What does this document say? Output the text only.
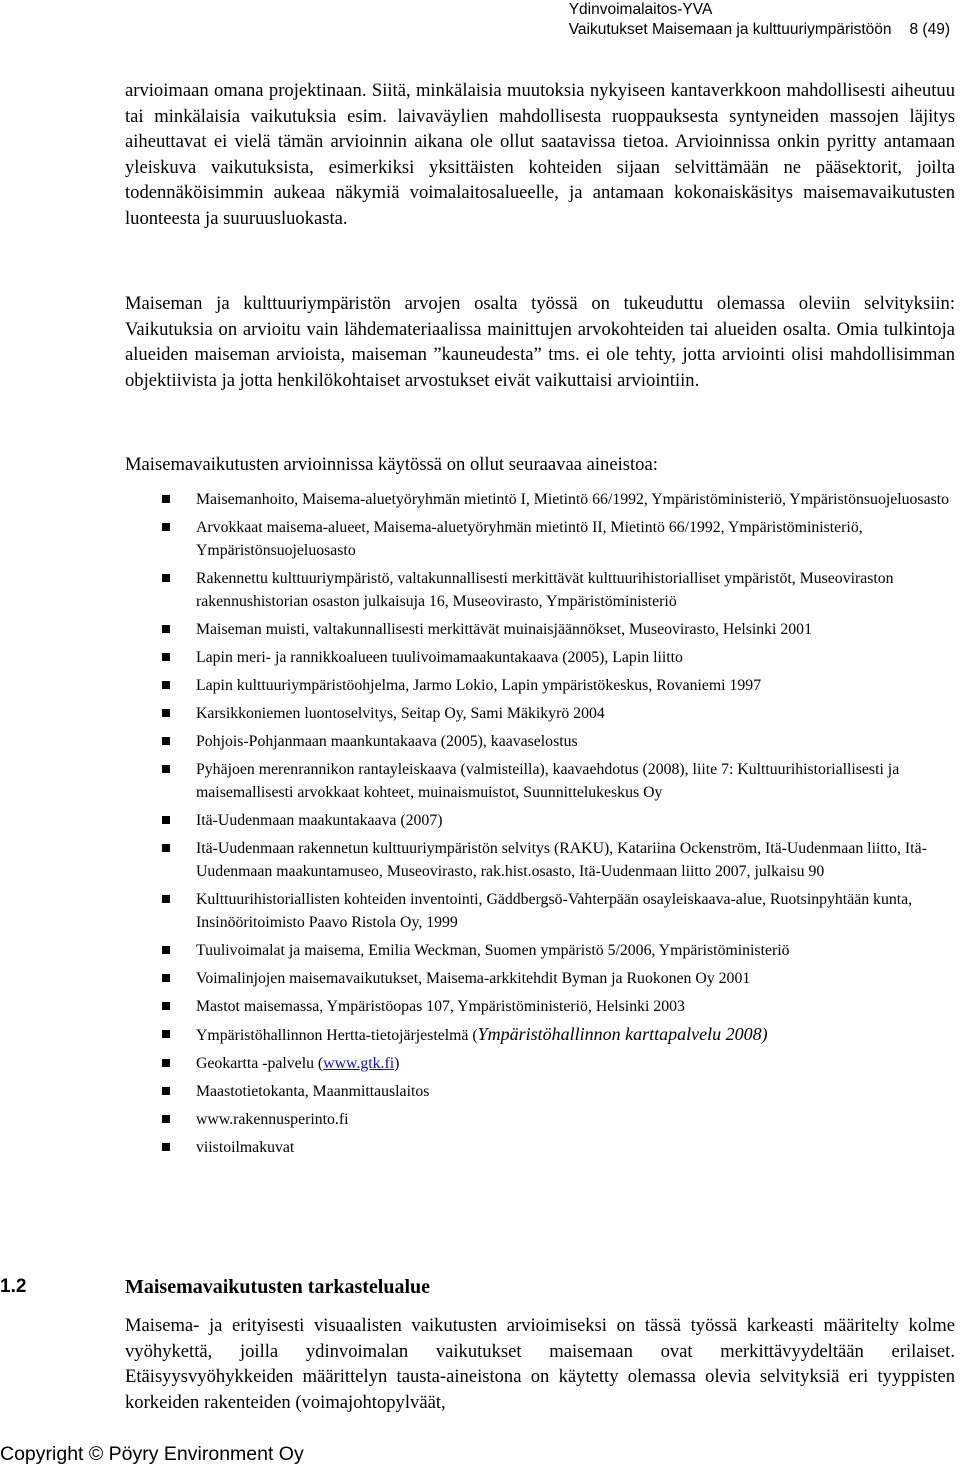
Ydinvoimalaitos-YVA
Vaikutukset Maisemaan ja kulttuuriympäristöön 8 (49)

arvioimaan omana projektinaan. Siitä, minkälaisia muutoksia nykyiseen kantaverkkoon mahdollisesti aiheutuu tai minkälaisia vaikutuksia esim. laivaväylien mahdollisesta ruoppauksesta syntyneiden massojen läjitys aiheuttavat ei vielä tämän arvioinnin aikana ole ollut saatavissa tietoa. Arvioinnissa onkin pyritty antamaan yleiskuva vaikutuksista, esimerkiksi yksittäisten kohteiden sijaan selvittämään ne pääsektorit, joilta todennäköisimmin aukeaa näkymiä voimalaitosalueelle, ja antamaan kokonaiskäsitys maisemavaikutusten luonteesta ja suuruusluokasta.

Maiseman ja kulttuuriympäristön arvojen osalta työssä on tukeuduttu olemassa oleviin selvityksiin: Vaikutuksia on arvioitu vain lähdemateriaalissa mainittujen arvokohteiden tai alueiden osalta. Omia tulkintoja alueiden maiseman arvioista, maiseman ”kauneudesta” tms. ei ole tehty, jotta arviointi olisi mahdollisimman objektiivista ja jotta henkilökohtaiset arvostukset eivät vaikuttaisi arviointiin.

Maisemavaikutusten arvioinnissa käytössä on ollut seuraavaa aineistoa:

Maisemanhoito, Maisema-aluetyöryhmän mietintö I, Mietintö 66/1992, Ympäristöministeriö, Ympäristönsuojeluosasto
Arvokkaat maisema-alueet, Maisema-aluetyöryhmän mietintö II, Mietintö 66/1992, Ympäristöministeriö, Ympäristönsuojeluosasto
Rakennettu kulttuuriympäristö, valtakunnallisesti merkittävät kulttuurihistorialliset ympäristöt, Museoviraston rakennushistorian osaston julkaisuja 16, Museovirasto, Ympäristöministeriö
Maiseman muisti, valtakunnallisesti merkittävät muinaisjäännökset, Museovirasto, Helsinki 2001
Lapin meri- ja rannikkoalueen tuulivoimamaakuntakaava (2005), Lapin liitto
Lapin kulttuuriympäristöohjelma, Jarmo Lokio, Lapin ympäristökeskus, Rovaniemi 1997
Karsikkoniemen luontoselvitys, Seitap Oy, Sami Mäkikyrö 2004
Pohjois-Pohjanmaan maankuntakaava (2005), kaavaselostus
Pyhäjoen merenrannikon rantayleiskaava (valmisteilla), kaavaehdotus (2008), liite 7: Kulttuurihistoriallisesti ja maisemallisesti arvokkaat kohteet, muinaismuistot, Suunnittelukeskus Oy
Itä-Uudenmaan maakuntakaava (2007)
Itä-Uudenmaan rakennetun kulttuuriympäristön selvitys (RAKU), Katariina Ockenström, Itä-Uudenmaan liitto, Itä-Uudenmaan maakuntamuseo, Museovirasto, rak.hist.osasto, Itä-Uudenmaan liitto 2007, julkaisu 90
Kulttuurihistoriallisten kohteiden inventointi, Gäddbergsö-Vahterpään osayleiskaava-alue, Ruotsinpyhtään kunta, Insinööritoimisto Paavo Ristola Oy, 1999
Tuulivoimalat ja maisema, Emilia Weckman, Suomen ympäristö 5/2006, Ympäristöministeriö
Voimalinjojen maisemavaikutukset, Maisema-arkkitehdit Byman ja Ruokonen Oy 2001
Mastot maisemassa, Ympäristöopas 107, Ympäristöministeriö, Helsinki 2003
Ympäristöhallinnon Hertta-tietojärjestelmä (Ympäristöhallinnon karttapalvelu 2008)
Geokartta -palvelu (www.gtk.fi)
Maastotietokanta, Maanmittauslaitos
www.rakennusperinto.fi
viistoilmakuvat
1.2	Maisemavaikutusten tarkastelualue

Maisema- ja erityisesti visuaalisten vaikutusten arvioimiseksi on tässä työssä karkeasti määritelty kolme vyöhykettä, joilla ydinvoimalan vaikutukset maisemaan ovat merkittävyydeltään erilaiset. Etäisyysvyöhykkeiden määrittelyn tausta-aineistona on käytetty olemassa olevia selvityksiä eri tyyppisten korkeiden rakenteiden (voimajohtopylväät,

Copyright © Pöyry Environment Oy
